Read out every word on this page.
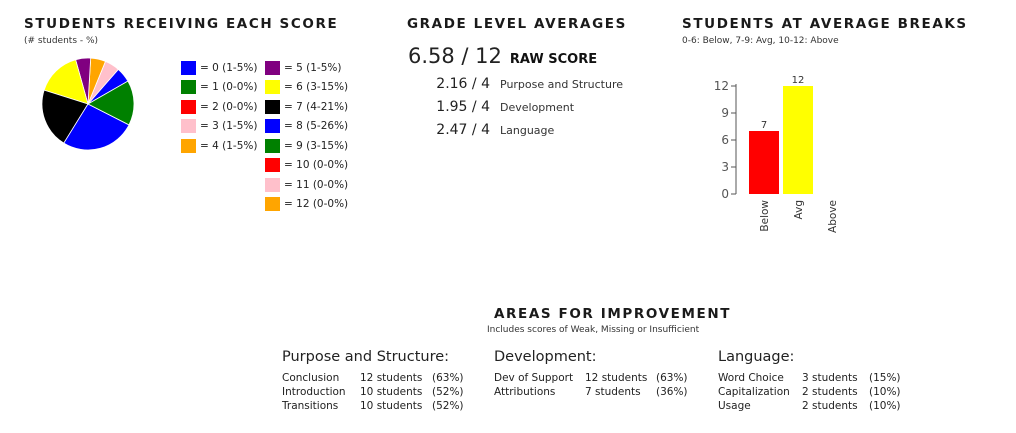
STUDENTS RECEIVING EACH SCORE
(# students - %)
= 0 (1-5%)
= 1 (0-0%)
= 2 (0-0%)
= 3 (1-5%)
= 4 (1-5%)
= 5 (1-5%)
= 6 (3-15%)
= 7 (4-21%)
= 8 (5-26%)
= 9 (3-15%)
= 10 (0-0%)
= 11 (0-0%)
= 12 (0-0%)
GRADE LEVEL AVERAGES
6.58 / 12 RAW SCORE
2.16 / 4 Purpose and Structure
1.95 / 4 Development
2.47 / 4 Language
STUDENTS AT AVERAGE BREAKS
0-6: Below, 7-9: Avg, 10-12: Above
0
3
6
9
12
7
Below
12
Avg Above
AREAS FOR IMPROVEMENT
Includes scores of Weak, Missing or Insufficient
Purpose and Structure:
Conclusion	12 students (63%)
Introduction	10 students (52%)
Transitions	10 students (52%)
Development:
Dev of Support	12 students (63%)
Attributions	7 students	(36%)
Language:
Word Choice	3 students	(15%)
Capitalization	2 students	(10%)
Usage	2 students	(10%)
